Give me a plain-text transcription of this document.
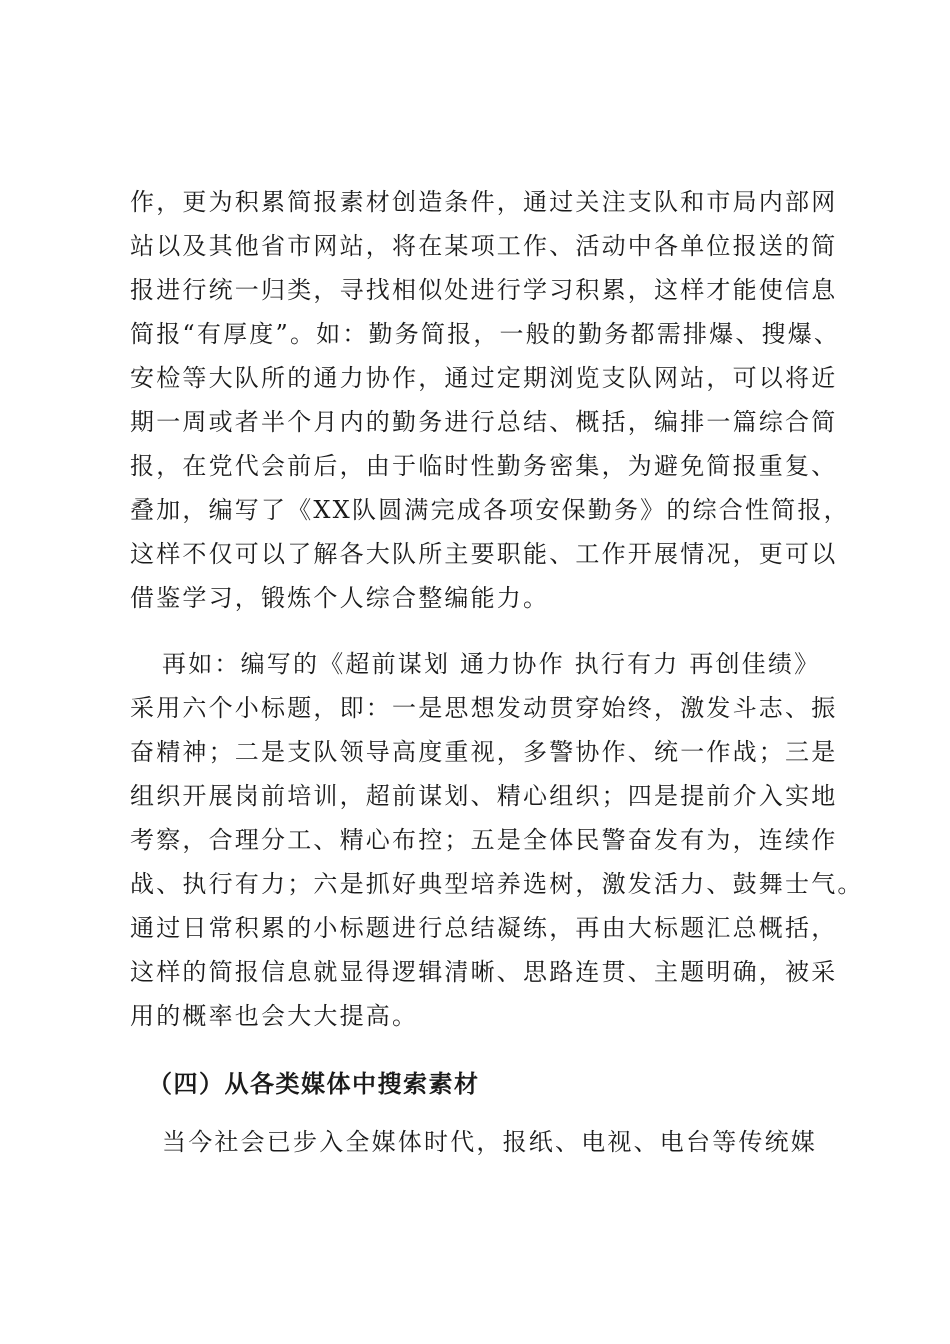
作，更为积累简报素材创造条件，通过关注支队和市局内部网
站以及其他省市网站，将在某项工作、活动中各单位报送的简
报进行统一归类，寻找相似处进行学习积累，这样才能使信息
简报“有厚度”。如：勤务简报，一般的勤务都需排爆、搜爆、
安检等大队所的通力协作，通过定期浏览支队网站，可以将近
期一周或者半个月内的勤务进行总结、概括，编排一篇综合简
报，在党代会前后，由于临时性勤务密集，为避免简报重复、
叠加，编写了《XX队圆满完成各项安保勤务》的综合性简报，
这样不仅可以了解各大队所主要职能、工作开展情况，更可以
借鉴学习，锻炼个人综合整编能力。
再如：编写的《超前谋划 通力协作 执行有力 再创佳绩》
采用六个小标题，即：一是思想发动贯穿始终，激发斗志、振
奋精神；二是支队领导高度重视，多警协作、统一作战；三是
组织开展岗前培训，超前谋划、精心组织；四是提前介入实地
考察，合理分工、精心布控；五是全体民警奋发有为，连续作
战、执行有力；六是抓好典型培养选树，激发活力、鼓舞士气。
通过日常积累的小标题进行总结凝练，再由大标题汇总概括，
这样的简报信息就显得逻辑清晰、思路连贯、主题明确，被采
用的概率也会大大提高。
（四）从各类媒体中搜索素材
当今社会已步入全媒体时代，报纸、电视、电台等传统媒
